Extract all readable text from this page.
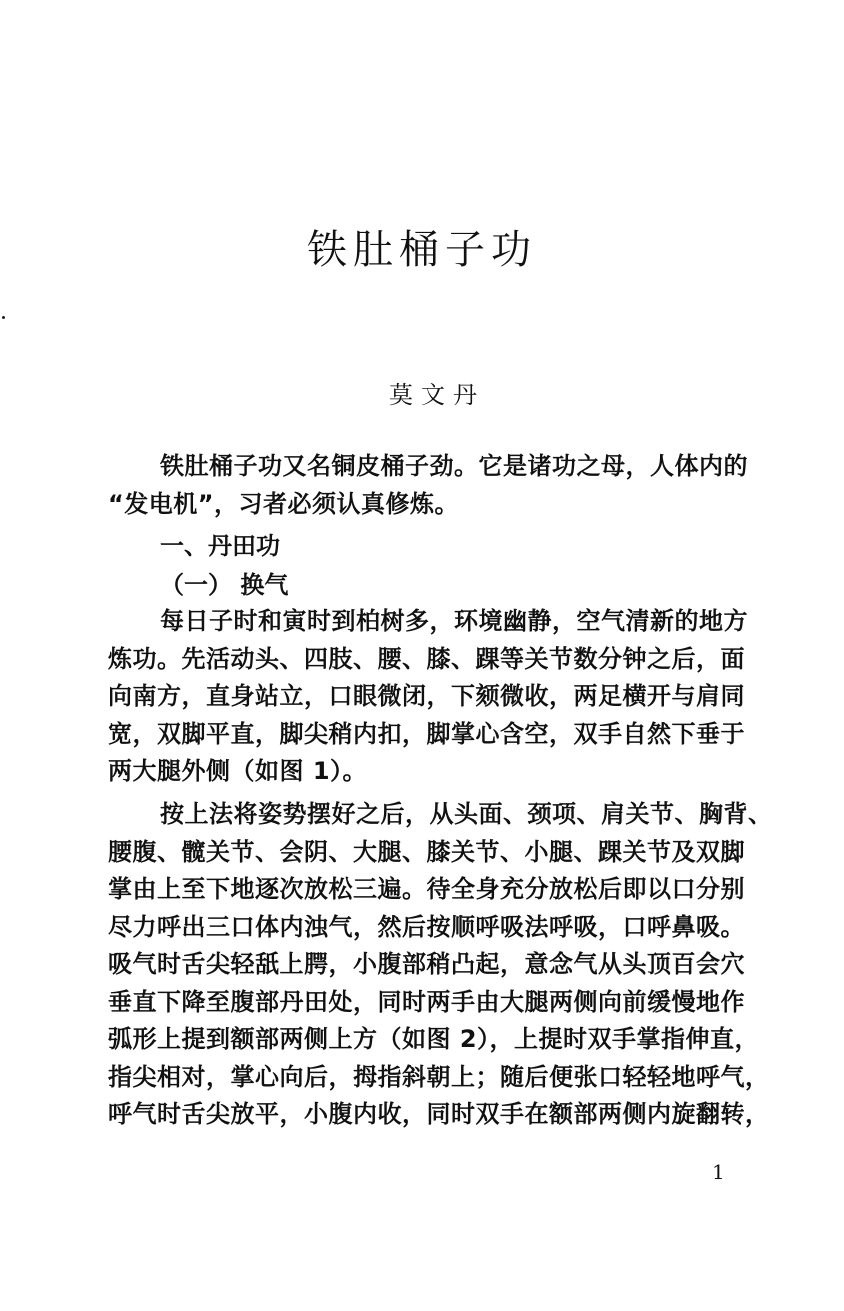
铁肚桶子功
莫文丹
铁肚桶子功又名铜皮桶子劲。它是诸功之母，人体内的
“发电机”，习者必须认真修炼。
一、丹田功
（一） 换气
每日子时和寅时到柏树多，环境幽静，空气清新的地方
炼功。先活动头、四肢、腰、膝、踝等关节数分钟之后，面
向南方，直身站立，口眼微闭，下颏微收，两足横开与肩同
宽，双脚平直，脚尖稍内扣，脚掌心含空，双手自然下垂于
两大腿外侧（如图 1）。
按上法将姿势摆好之后，从头面、颈项、肩关节、胸背、
腰腹、髋关节、会阴、大腿、膝关节、小腿、踝关节及双脚
掌由上至下地逐次放松三遍。待全身充分放松后即以口分别
尽力呼出三口体内浊气，然后按顺呼吸法呼吸，口呼鼻吸。
吸气时舌尖轻舐上腭，小腹部稍凸起，意念气从头顶百会穴
垂直下降至腹部丹田处，同时两手由大腿两侧向前缓慢地作
弧形上提到额部两侧上方（如图 2），上提时双手掌指伸直，
指尖相对，掌心向后，拇指斜朝上；随后便张口轻轻地呼气，
呼气时舌尖放平，小腹内收，同时双手在额部两侧内旋翻转，
1
